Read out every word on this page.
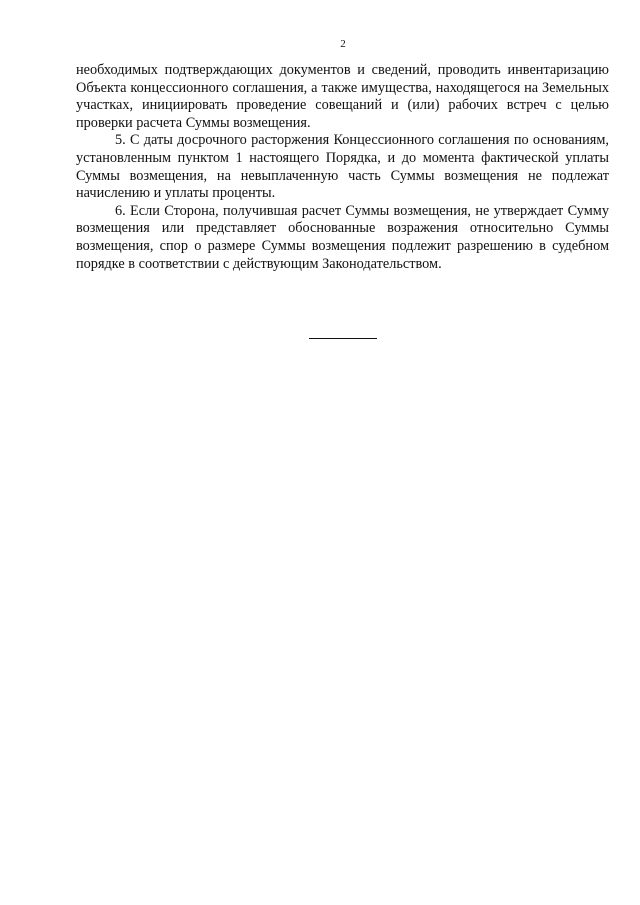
2

необходимых подтверждающих документов и сведений, проводить инвентаризацию Объекта концессионного соглашения, а также имущества, находящегося на Земельных участках, инициировать проведение совещаний и (или) рабочих встреч с целью проверки расчета Суммы возмещения.

5. С даты досрочного расторжения Концессионного соглашения по основаниям, установленным пунктом 1 настоящего Порядка, и до момента фактической уплаты Суммы возмещения, на невыплаченную часть Суммы возмещения не подлежат начислению и уплаты проценты.

6. Если Сторона, получившая расчет Суммы возмещения, не утверждает Сумму возмещения или представляет обоснованные возражения относительно Суммы возмещения, спор о размере Суммы возмещения подлежит разрешению в судебном порядке в соответствии с действующим Законодательством.
